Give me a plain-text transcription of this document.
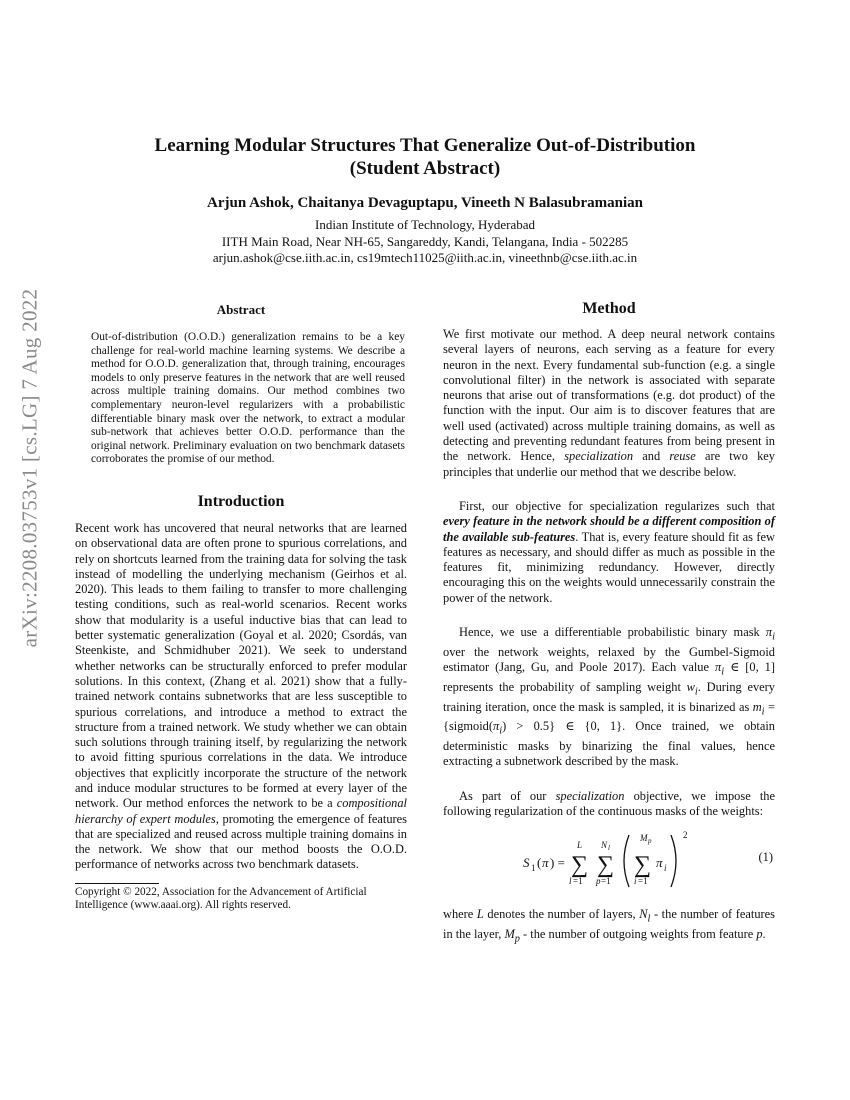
arXiv:2208.03753v1 [cs.LG] 7 Aug 2022
Learning Modular Structures That Generalize Out-of-Distribution
(Student Abstract)
Arjun Ashok, Chaitanya Devaguptapu, Vineeth N Balasubramanian
Indian Institute of Technology, Hyderabad
IITH Main Road, Near NH-65, Sangareddy, Kandi, Telangana, India - 502285
arjun.ashok@cse.iith.ac.in, cs19mtech11025@iith.ac.in, vineethnb@cse.iith.ac.in
Abstract
Out-of-distribution (O.O.D.) generalization remains to be a key challenge for real-world machine learning systems. We describe a method for O.O.D. generalization that, through training, encourages models to only preserve features in the network that are well reused across multiple training domains. Our method combines two complementary neuron-level regularizers with a probabilistic differentiable binary mask over the network, to extract a modular sub-network that achieves better O.O.D. performance than the original network. Preliminary evaluation on two benchmark datasets corroborates the promise of our method.
Introduction

Recent work has uncovered that neural networks that are learned on observational data are often prone to spurious correlations, and rely on shortcuts learned from the training data for solving the task instead of modelling the underlying mechanism (Geirhos et al. 2020). This leads to them failing to transfer to more challenging testing conditions, such as real-world scenarios. Recent works show that modularity is a useful inductive bias that can lead to better systematic generalization (Goyal et al. 2020; Csordás, van Steenkiste, and Schmidhuber 2021). We seek to understand whether networks can be structurally enforced to prefer modular solutions. In this context, (Zhang et al. 2021) show that a fully-trained network contains subnetworks that are less susceptible to spurious correlations, and introduce a method to extract the structure from a trained network. We study whether we can obtain such solutions through training itself, by regularizing the network to avoid fitting spurious correlations in the data. We introduce objectives that explicitly incorporate the structure of the network and induce modular structures to be formed at every layer of the network. Our method enforces the network to be a compositional hierarchy of expert modules, promoting the emergence of features that are specialized and reused across multiple training domains in the network. We show that our method boosts the O.O.D. performance of networks across two benchmark datasets.

Copyright © 2022, Association for the Advancement of Artificial Intelligence (www.aaai.org). All rights reserved.

Method

We first motivate our method. A deep neural network contains several layers of neurons, each serving as a feature for every neuron in the next. Every fundamental sub-function (e.g. a single convolutional filter) in the network is associated with separate neurons that arise out of transformations (e.g. dot product) of the function with the input. Our aim is to discover features that are well used (activated) across multiple training domains, as well as detecting and preventing redundant features from being present in the network. Hence, specialization and reuse are two key principles that underlie our method that we describe below.

First, our objective for specialization regularizes such that every feature in the network should be a different composition of the available sub-features. That is, every feature should fit as few features as necessary, and should differ as much as possible in the features fit, minimizing redundancy. However, directly encouraging this on the weights would unnecessarily constrain the power of the network.

Hence, we use a differentiable probabilistic binary mask $\pi_i$ over the network weights, relaxed by the Gumbel-Sigmoid estimator (Jang, Gu, and Poole 2017). Each value $\pi_i$ ∈ [0, 1] represents the probability of sampling weight $w_i$. During every training iteration, once the mask is sampled, it is binarized as $m_i$ = $\{sigmoid(\pi_i) > 0.5\}$ ∈ {0, 1}. Once trained, we obtain deterministic masks by binarizing the final values, hence extracting a subnetwork described by the mask.

As part of our specialization objective, we impose the following regularization of the continuous masks of the weights:

S 1 ( π ) =
L
∑
l =1
N l
∑
p =1
M p
∑
i =1
π i
2
(1)

where L denotes the number of layers, $N_l$ - the number of features in the layer, $M_p$ - the number of outgoing weights from feature p.
